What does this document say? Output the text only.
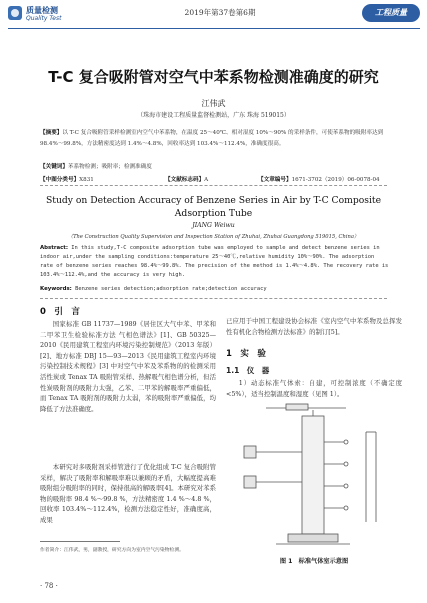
质量检测
Quality Test
2019年第37卷第6期	工程质量
T-C 复合吸附管对空气中苯系物检测准确度的研究
江伟武
（珠海市建设工程质量监督检测站，广东 珠海 519015）
【摘要】以 T-C 复合吸附管采样检测室内空气中苯系物，在温度 25～40℃、相对湿度 10%～90% 的采样条件，可使苯系物的吸附率达到 98.4%～99.8%，方法精密度达到 1.4%～4.8%，回收率达到 103.4%～112.4%，准确度很高。
【关键词】苯系物检测；吸附率；检测准确度
【中图分类号】X831	【文献标志码】A	【文章编号】1671-3702（2019）06-0078-04
Study on Detection Accuracy of Benzene Series in Air by T-C Composite Adsorption Tube
JIANG Weiwu
（The Construction Quality Supervision and Inspection Station of Zhuhai, Zhuhai Guangdong 519015, China）
Abstract: In this study,T-C composite adsorption tube was employed to sample and detect benzene series in indoor air,under the sampling conditions:temperature 25～40℃,relative humidity 10%～90%. The adsorption rate of benzene series reaches 98.4%～99.8%. The precision of the method is 1.4%～4.8%. The recovery rate is 103.4%～112.4%,and the accuracy is very high.
Keywords: Benzene series detection;adsorption rate;detection accuracy
0　引　言
国家标准 GB 11737—1989《居住区大气中苯、甲苯和二甲苯卫生检验标准方法 气相色谱法》[1]、GB 50325—2010《民用建筑工程室内环境污染控制规范》（2013 年版）[2]、地方标准 DBJ 15—93—2013《民用建筑工程室内环境污染控制技术规程》[3] 中对空气中苯及苯系物的的检测采用活性炭或 Tenax TA 吸附管采样、热解吸气相色谱分析，但活性炭吸附剂的吸附力太强，乙苯、二甲苯的解吸率严重偏低，而 Tenax TA 吸附剂的吸附力太弱，苯的吸附率严重偏低，均降低了方法准确度。
本研究对多吸附剂采样管进行了优化组成 T-C 复合吸附管采样，解决了吸附率和解吸率难以兼顾的矛盾，大幅度提高难吸附组分吸附率的同时，保持很高的解吸率[4]。本研究对苯系物的吸附率 98.4 %～99.8 %，方法精密度 1.4 %～4.8 %，回收率 103.4%～112.4%，检测方法稳定性好，准确度高，成果
作者简介：江伟武，男，副教授，研究方向为室内空气污染物检测。
已应用于中国工程建设协会标准《室内空气中苯系物及总挥发性有机化合物检测方法标准》的制订[5]。
1　实　验
1.1　仪　器
1）动态标准气体索：自建，可控制浓度（不确定度<5%），适当控制温度和湿度（见图 1）。
图 1　标准气体室示意图
· 78 ·
